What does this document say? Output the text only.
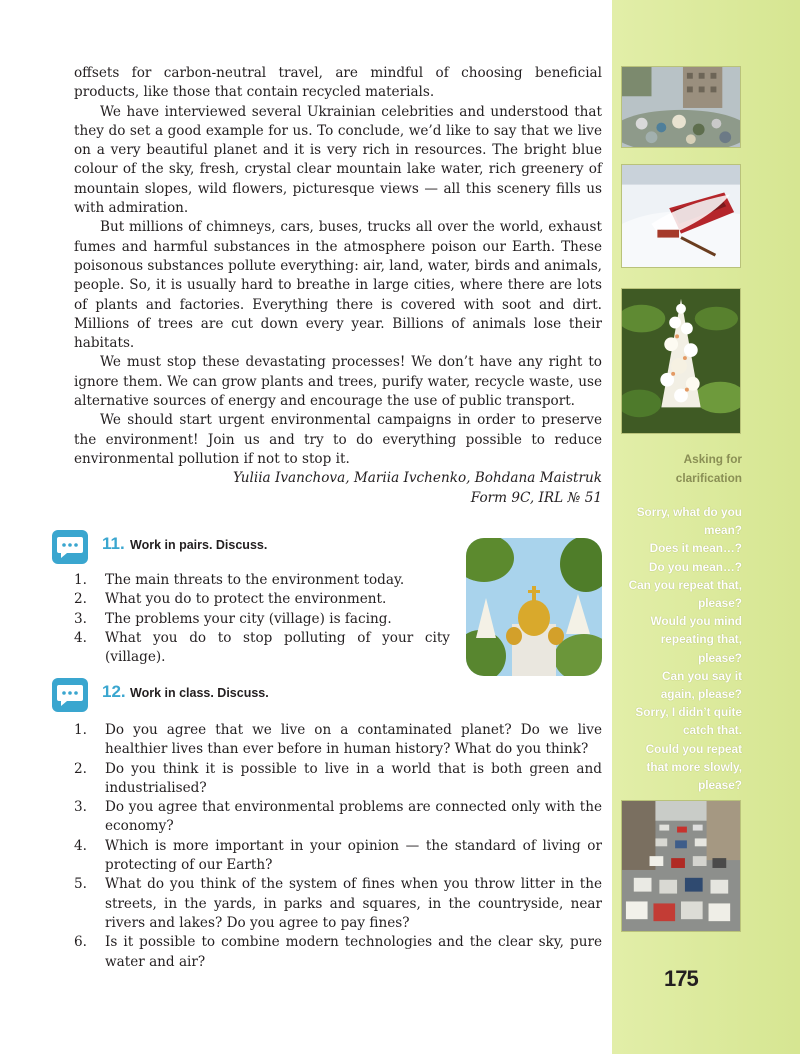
offsets for carbon-neutral travel, are mindful of choosing beneficial products, like those that contain recycled materials.

We have interviewed several Ukrainian celebrities and understood that they do set a good example for us. To conclude, we’d like to say that we live on a very beautiful planet and it is very rich in resources. The bright blue colour of the sky, fresh, crystal clear mountain lake water, rich greenery of mountain slopes, wild flowers, picturesque views — all this scenery fills us with admiration.

But millions of chimneys, cars, buses, trucks all over the world, exhaust fumes and harmful substances in the atmosphere poison our Earth. These poisonous substances pollute everything: air, land, water, birds and animals, people. So, it is usually hard to breathe in large cities, where there are lots of plants and factories. Everything there is covered with soot and dirt. Millions of trees are cut down every year. Billions of animals lose their habitats.

We must stop these devastating processes! We don’t have any right to ignore them. We can grow plants and trees, purify water, recycle waste, use alternative sources of energy and encourage the use of public transport.

We should start urgent environmental campaigns in order to preserve the environment! Join us and try to do everything possible to reduce environmental pollution if not to stop it.

Yuliia Ivanchova, Mariia Ivchenko, Bohdana Maistruk

Form 9C, IRL № 51

11. Work in pairs. Discuss.
1. The main threats to the environment today.
2. What you do to protect the environment.
3. The problems your city (village) is facing.
4. What you do to stop polluting of your city (village).
12. Work in class. Discuss.
1. Do you agree that we live on a contaminated planet? Do we live healthier lives than ever before in human history? What do you think?
2. Do you think it is possible to live in a world that is both green and industrialised?
3. Do you agree that environmental problems are connected only with the economy?
4. Which is more important in your opinion — the standard of living or protecting of our Earth?
5. What do you think of the system of fines when you throw litter in the streets, in the yards, in parks and squares, in the countryside, near rivers and lakes? Do you agree to pay fines?
6. Is it possible to combine modern technologies and the clear sky, pure water and air?
Asking for
clarification
Sorry, what do you
mean?
Does it mean…?
Do you mean…?
Can you repeat that,
please?
Would you mind
repeating that,
please?
Can you say it
again, please?
Sorry, I didn’t quite
catch that.
Could you repeat
that more slowly,
please?
175
